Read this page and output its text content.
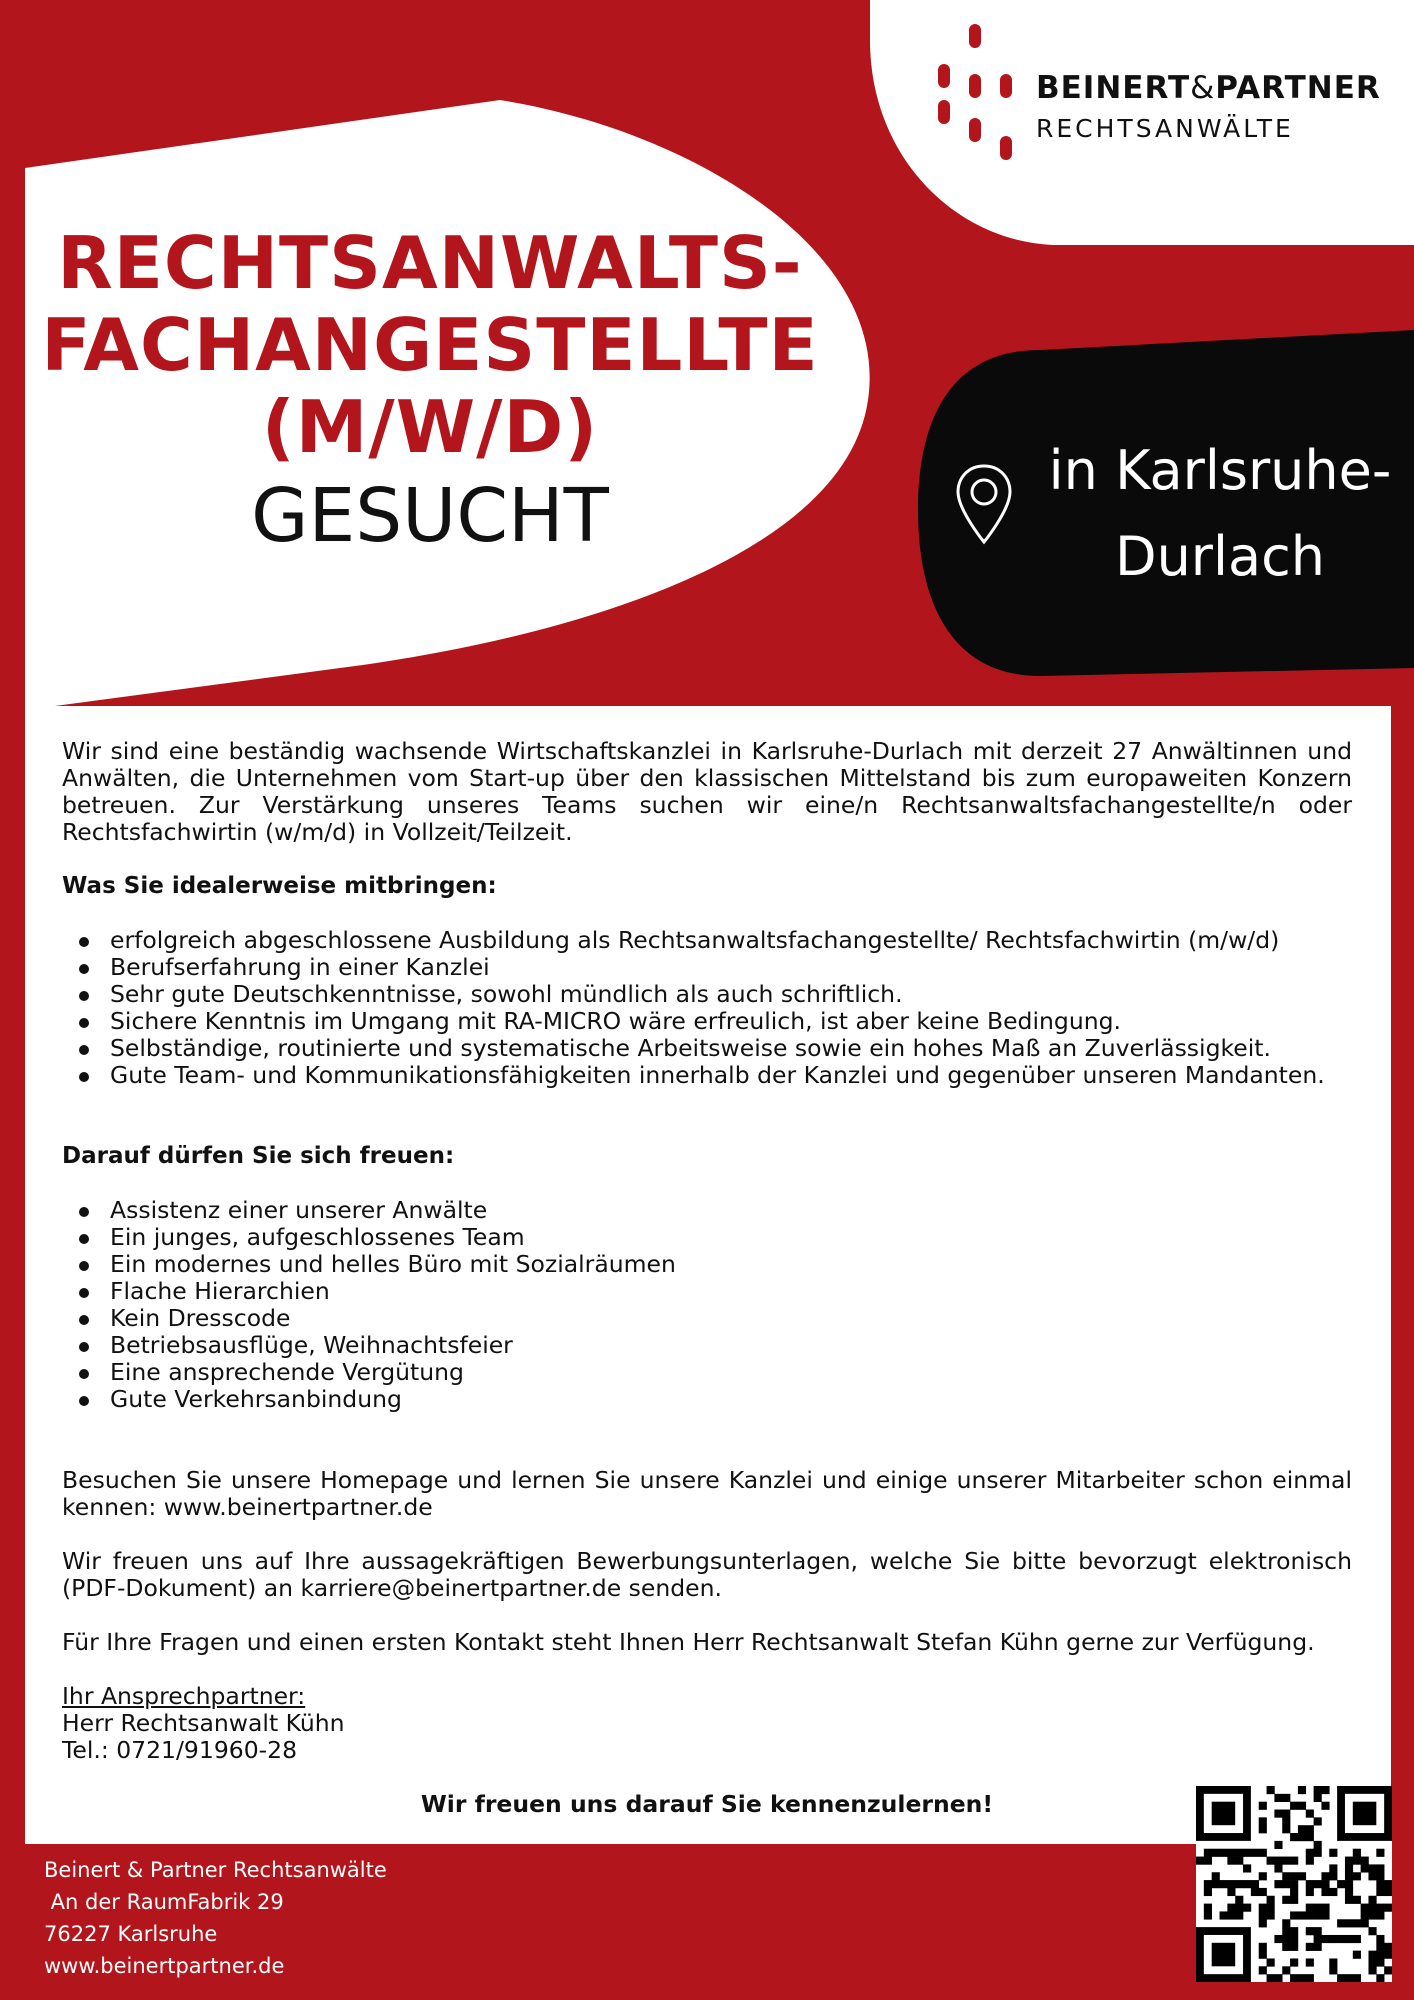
BEINERT&PARTNER
RECHTSANWÄLTE
RECHTSANWALTS-
FACHANGESTELLTE
(M/W/D)
GESUCHT
in Karlsruhe-
Durlach

Wir sind eine beständig wachsende Wirtschaftskanzlei in Karlsruhe-Durlach mit derzeit 27 Anwältinnen und Anwälten, die Unternehmen vom Start-up über den klassischen Mittelstand bis zum europaweiten Konzern betreuen. Zur Verstärkung unseres Teams suchen wir eine/n Rechtsanwaltsfachangestellte/n oder Rechtsfachwirtin (w/m/d) in Vollzeit/Teilzeit.

Was Sie idealerweise mitbringen:

erfolgreich abgeschlossene Ausbildung als Rechtsanwaltsfachangestellte/ Rechtsfachwirtin (m/w/d)
Berufserfahrung in einer Kanzlei
Sehr gute Deutschkenntnisse, sowohl mündlich als auch schriftlich.
Sichere Kenntnis im Umgang mit RA-MICRO wäre erfreulich, ist aber keine Bedingung.
Selbständige, routinierte und systematische Arbeitsweise sowie ein hohes Maß an Zuverlässigkeit.
Gute Team- und Kommunikationsfähigkeiten innerhalb der Kanzlei und gegenüber unseren Mandanten.

Darauf dürfen Sie sich freuen:

Assistenz einer unserer Anwälte
Ein junges, aufgeschlossenes Team
Ein modernes und helles Büro mit Sozialräumen
Flache Hierarchien
Kein Dresscode
Betriebsausflüge, Weihnachtsfeier
Eine ansprechende Vergütung
Gute Verkehrsanbindung

Besuchen Sie unsere Homepage und lernen Sie unsere Kanzlei und einige unserer Mitarbeiter schon einmal kennen: www.beinertpartner.de

Wir freuen uns auf Ihre aussagekräftigen Bewerbungsunterlagen, welche Sie bitte bevorzugt elektronisch (PDF-Dokument) an karriere@beinertpartner.de senden.

Für Ihre Fragen und einen ersten Kontakt steht Ihnen Herr Rechtsanwalt Stefan Kühn gerne zur Verfügung.

Ihr Ansprechpartner:

Herr Rechtsanwalt Kühn

Tel.: 0721/91960-28

Wir freuen uns darauf Sie kennenzulernen!

Beinert & Partner Rechtsanwälte
An der RaumFabrik 29
76227 Karlsruhe
www.beinertpartner.de
